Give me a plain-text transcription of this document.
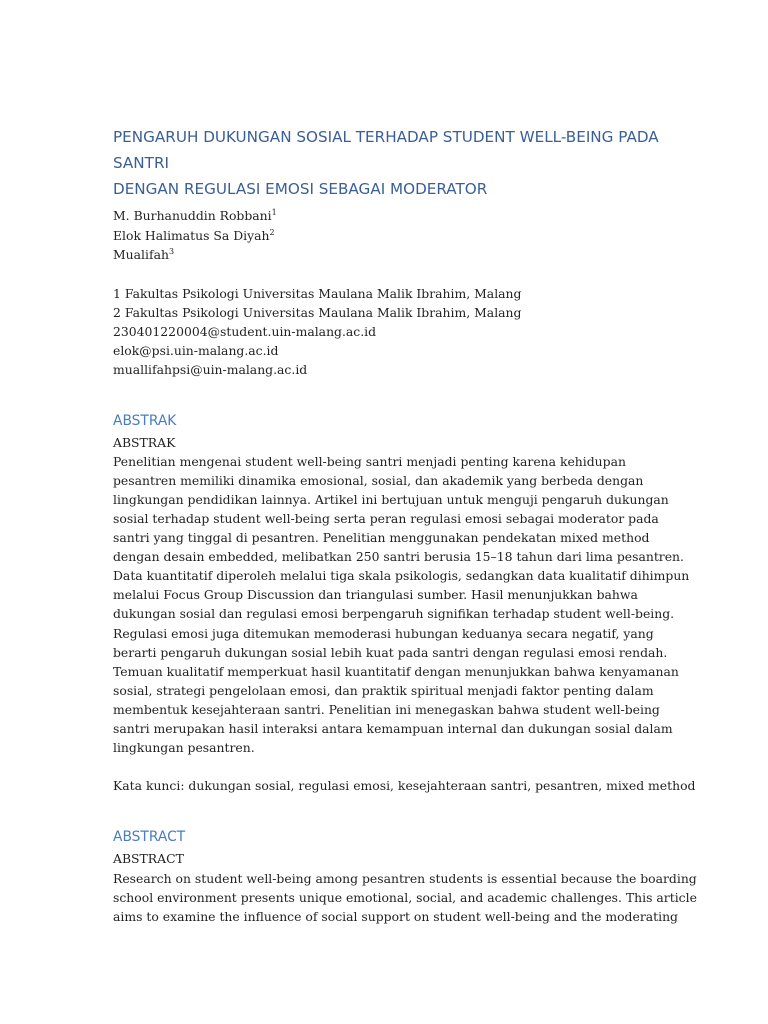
PENGARUH DUKUNGAN SOSIAL TERHADAP STUDENT WELL-BEING PADA
SANTRI
DENGAN REGULASI EMOSI SEBAGAI MODERATOR
M. Burhanuddin Robbani$^1$
Elok Halimatus Sa Diyah$^2$
Mualifah$^3$
1 Fakultas Psikologi Universitas Maulana Malik Ibrahim, Malang
2 Fakultas Psikologi Universitas Maulana Malik Ibrahim, Malang
230401220004@student.uin-malang.ac.id
elok@psi.uin-malang.ac.id
muallifahpsi@uin-malang.ac.id
ABSTRAK
ABSTRAK
Penelitian mengenai student well-being santri menjadi penting karena kehidupan
pesantren memiliki dinamika emosional, sosial, dan akademik yang berbeda dengan
lingkungan pendidikan lainnya. Artikel ini bertujuan untuk menguji pengaruh dukungan
sosial terhadap student well-being serta peran regulasi emosi sebagai moderator pada
santri yang tinggal di pesantren. Penelitian menggunakan pendekatan mixed method
dengan desain embedded, melibatkan 250 santri berusia 15–18 tahun dari lima pesantren.
Data kuantitatif diperoleh melalui tiga skala psikologis, sedangkan data kualitatif dihimpun
melalui Focus Group Discussion dan triangulasi sumber. Hasil menunjukkan bahwa
dukungan sosial dan regulasi emosi berpengaruh signifikan terhadap student well-being.
Regulasi emosi juga ditemukan memoderasi hubungan keduanya secara negatif, yang
berarti pengaruh dukungan sosial lebih kuat pada santri dengan regulasi emosi rendah.
Temuan kualitatif memperkuat hasil kuantitatif dengan menunjukkan bahwa kenyamanan
sosial, strategi pengelolaan emosi, dan praktik spiritual menjadi faktor penting dalam
membentuk kesejahteraan santri. Penelitian ini menegaskan bahwa student well-being
santri merupakan hasil interaksi antara kemampuan internal dan dukungan sosial dalam
lingkungan pesantren.
Kata kunci: dukungan sosial, regulasi emosi, kesejahteraan santri, pesantren, mixed method
ABSTRACT
ABSTRACT
Research on student well-being among pesantren students is essential because the boarding
school environment presents unique emotional, social, and academic challenges. This article
aims to examine the influence of social support on student well-being and the moderating
